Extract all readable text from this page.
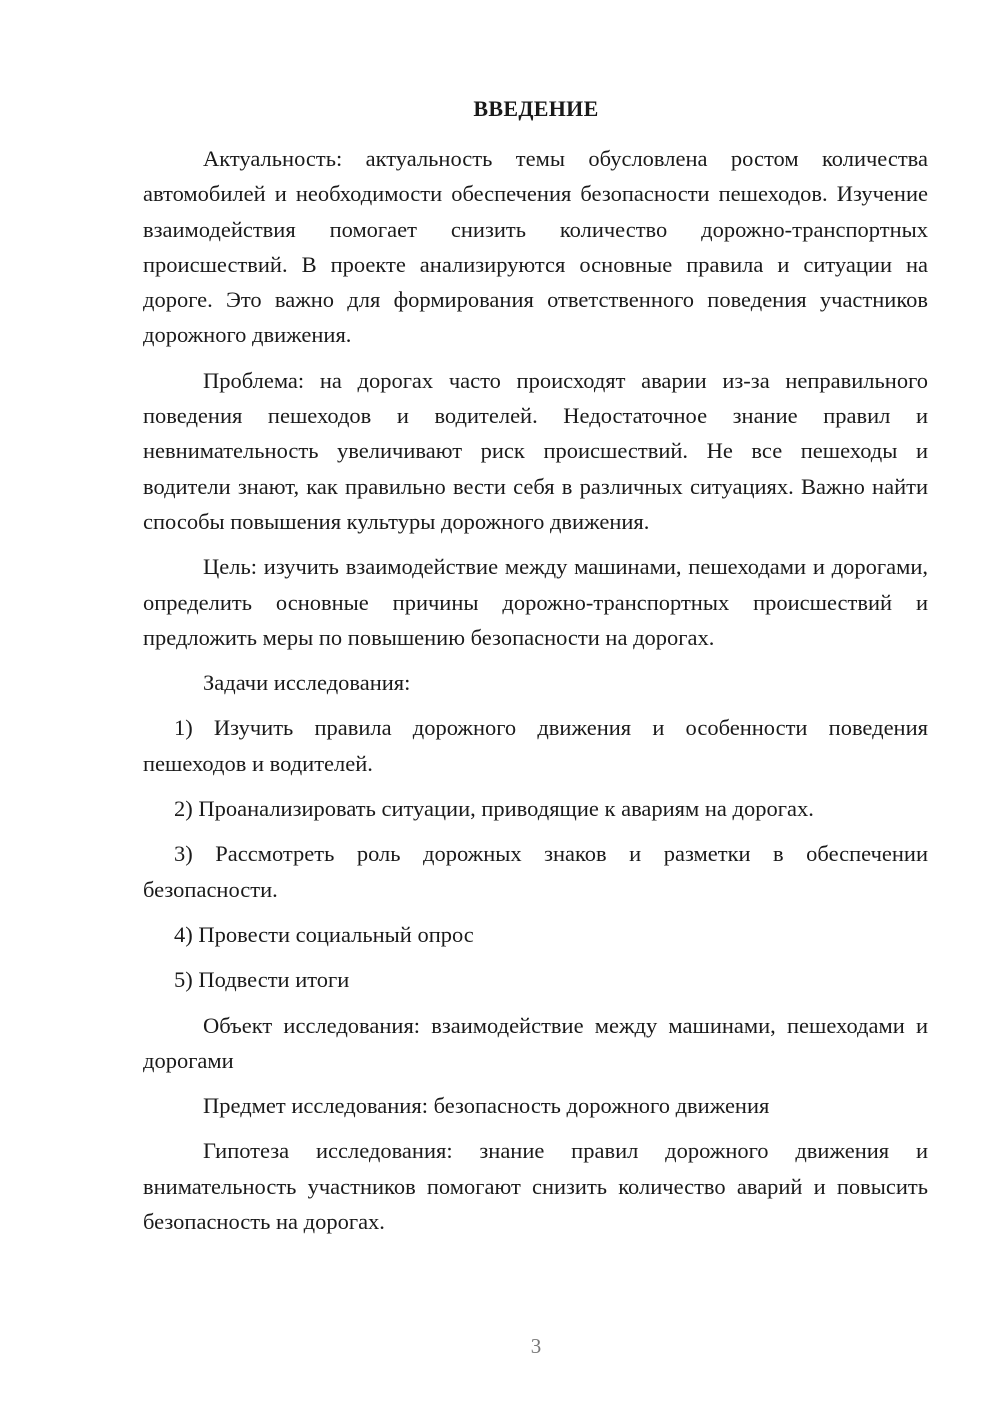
ВВЕДЕНИЕ

Актуальность: актуальность темы обусловлена ростом количества автомобилей и необходимости обеспечения безопасности пешеходов. Изучение взаимодействия помогает снизить количество дорожно-транспортных происшествий. В проекте анализируются основные правила и ситуации на дороге. Это важно для формирования ответственного поведения участников дорожного движения.

Проблема: на дорогах часто происходят аварии из-за неправильного поведения пешеходов и водителей. Недостаточное знание правил и невнимательность увеличивают риск происшествий. Не все пешеходы и водители знают, как правильно вести себя в различных ситуациях. Важно найти способы повышения культуры дорожного движения.

Цель: изучить взаимодействие между машинами, пешеходами и дорогами, определить основные причины дорожно-транспортных происшествий и предложить меры по повышению безопасности на дорогах.

Задачи исследования:

1) Изучить правила дорожного движения и особенности поведения пешеходов и водителей.

2) Проанализировать ситуации, приводящие к авариям на дорогах.

3) Рассмотреть роль дорожных знаков и разметки в обеспечении безопасности.

4) Провести социальный опрос

5) Подвести итоги

Объект исследования: взаимодействие между машинами, пешеходами и дорогами

Предмет исследования: безопасность дорожного движения

Гипотеза исследования: знание правил дорожного движения и внимательность участников помогают снизить количество аварий и повысить безопасность на дорогах.

3
